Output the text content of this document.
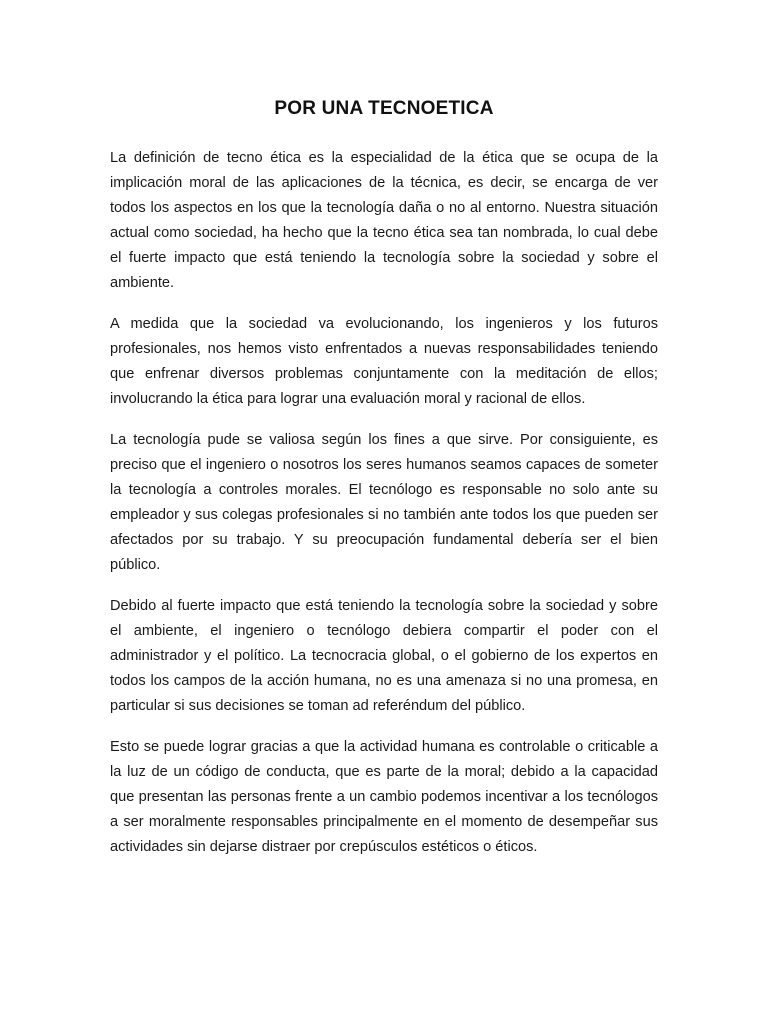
POR UNA TECNOETICA

La definición de tecno ética es la especialidad de la ética que se ocupa de la implicación moral de las aplicaciones de la técnica, es decir, se encarga de ver todos los aspectos en los que la tecnología daña o no al entorno. Nuestra situación actual como sociedad, ha hecho que la tecno ética sea tan nombrada, lo cual debe el fuerte impacto que está teniendo la tecnología sobre la sociedad y sobre el ambiente.

A medida que la sociedad va evolucionando, los ingenieros y los futuros profesionales, nos hemos visto enfrentados a nuevas responsabilidades teniendo que enfrenar diversos problemas conjuntamente con la meditación de ellos; involucrando la ética para lograr una evaluación moral y racional de ellos.

La tecnología pude se valiosa según los fines a que sirve. Por consiguiente, es preciso que el ingeniero o nosotros los seres humanos seamos capaces de someter la tecnología a controles morales. El tecnólogo es responsable no solo ante su empleador y sus colegas profesionales si no también ante todos los que pueden ser afectados por su trabajo. Y su preocupación fundamental debería ser el bien público.

Debido al fuerte impacto que está teniendo la tecnología sobre la sociedad y sobre el ambiente, el ingeniero o tecnólogo debiera compartir el poder con el administrador y el político. La tecnocracia global, o el gobierno de los expertos en todos los campos de la acción humana, no es una amenaza si no una promesa, en particular si sus decisiones se toman ad referéndum del público.

Esto se puede lograr gracias a que la actividad humana es controlable o criticable a la luz de un código de conducta, que es parte de la moral; debido a la capacidad que presentan las personas frente a un cambio podemos incentivar a los tecnólogos a ser moralmente responsables principalmente en el momento de desempeñar sus actividades sin dejarse distraer por crepúsculos estéticos o éticos.
